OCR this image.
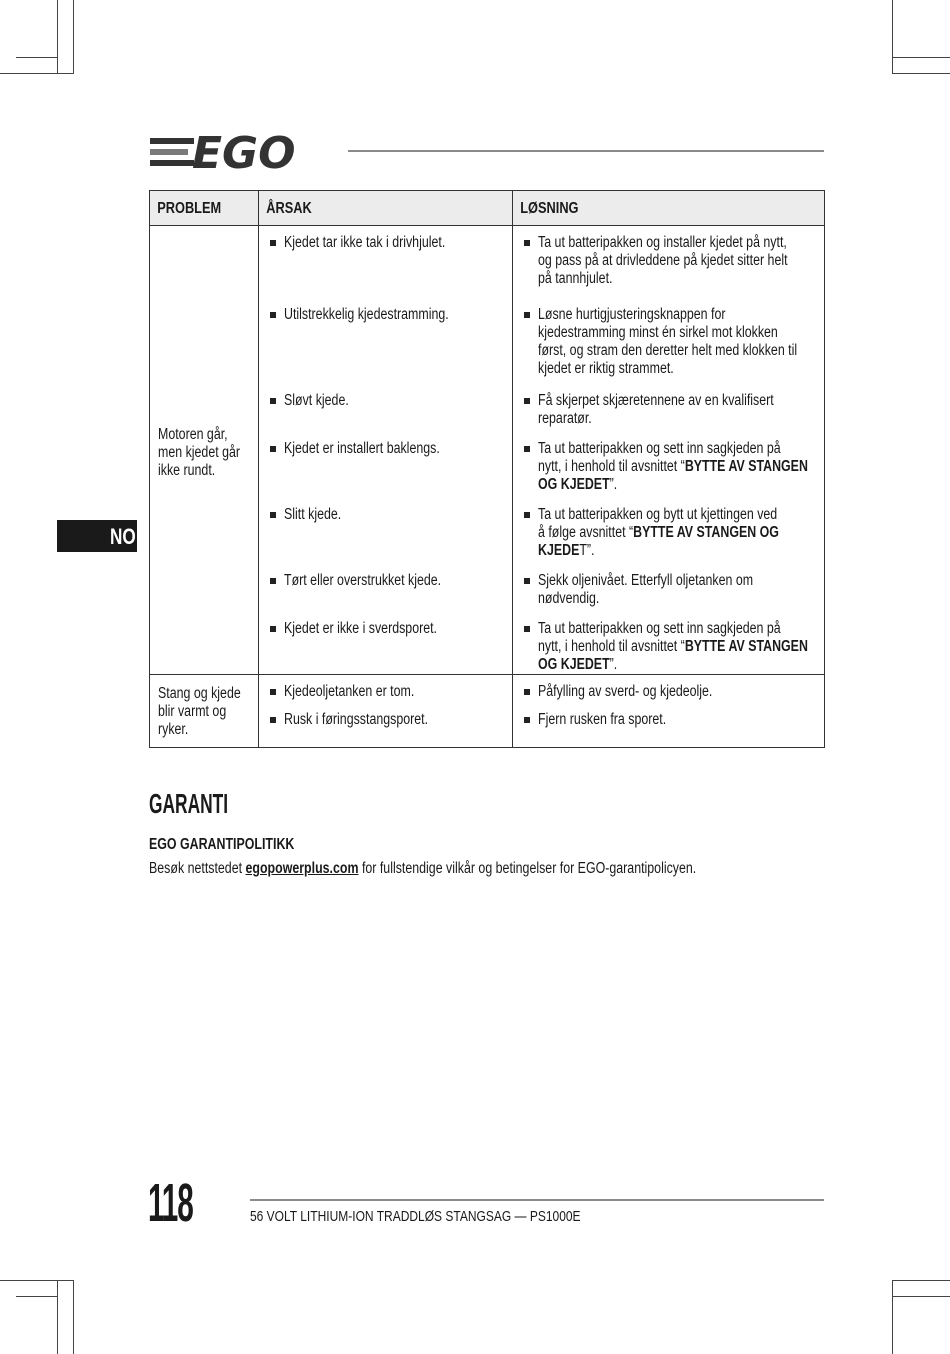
EGO
NO
PROBLEM	ÅRSAK	LØSNING

Motoren går,
men kjedet går
ikke rundt.	Kjedet tar ikke tak i drivhjulet.	Ta ut batteripakken og installer kjedet på nytt,
og pass på at drivleddene på kjedet sitter helt
på tannhjulet.

	Utilstrekkelig kjedestramming.	Løsne hurtigjusteringsknappen for
kjedestramming minst én sirkel mot klokken
først, og stram den deretter helt med klokken til
kjedet er riktig strammet.

	Sløvt kjede.	Få skjerpet skjæretennene av en kvalifisert
reparatør.

	Kjedet er installert baklengs.	Ta ut batteripakken og sett inn sagkjeden på
nytt, i henhold til avsnittet “BYTTE AV STANGEN
OG KJEDET”.

	Slitt kjede.	Ta ut batteripakken og bytt ut kjettingen ved
å følge avsnittet “BYTTE AV STANGEN OG
KJEDET”.

	Tørt eller overstrukket kjede.	Sjekk oljenivået. Etterfyll oljetanken om
nødvendig.

	Kjedet er ikke i sverdsporet.	Ta ut batteripakken og sett inn sagkjeden på
nytt, i henhold til avsnittet “BYTTE AV STANGEN
OG KJEDET”.

Stang og kjede
blir varmt og
ryker.	Kjedeoljetanken er tom.	Påfylling av sverd- og kjedeolje.

	Rusk i føringsstangsporet.	Fjern rusken fra sporet.
GARANTI
EGO GARANTIPOLITIKK
Besøk nettstedet egopowerplus.com for fullstendige vilkår og betingelser for EGO-garantipolicyen.
118	56 VOLT LITHIUM-ION TRADDLØS STANGSAG — PS1000E
